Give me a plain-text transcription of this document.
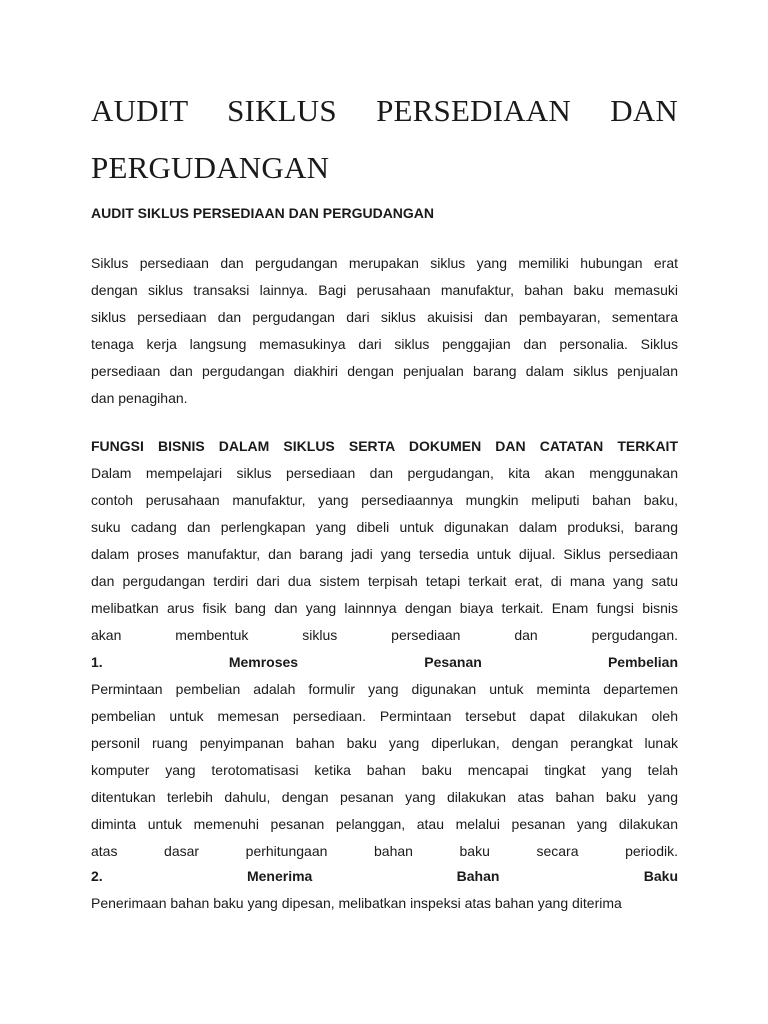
AUDIT SIKLUS PERSEDIAAN DAN PERGUDANGAN
AUDIT SIKLUS PERSEDIAAN DAN PERGUDANGAN
Siklus persediaan dan pergudangan merupakan siklus yang memiliki hubungan erat
dengan siklus transaksi lainnya. Bagi perusahaan manufaktur, bahan baku memasuki
siklus persediaan dan pergudangan dari siklus akuisisi dan pembayaran, sementara
tenaga kerja langsung memasukinya dari siklus penggajian dan personalia. Siklus
persediaan dan pergudangan diakhiri dengan penjualan barang dalam siklus penjualan
dan penagihan.
FUNGSI BISNIS DALAM SIKLUS SERTA DOKUMEN DAN CATATAN TERKAIT
Dalam mempelajari siklus persediaan dan pergudangan, kita akan menggunakan
contoh perusahaan manufaktur, yang persediaannya mungkin meliputi bahan baku,
suku cadang dan perlengkapan yang dibeli untuk digunakan dalam produksi, barang
dalam proses manufaktur, dan barang jadi yang tersedia untuk dijual. Siklus persediaan
dan pergudangan terdiri dari dua sistem terpisah tetapi terkait erat, di mana yang satu
melibatkan arus fisik bang dan yang lainnnya dengan biaya terkait. Enam fungsi bisnis
akan membentuk siklus persediaan dan pergudangan.
1. Memroses Pesanan Pembelian
Permintaan pembelian adalah formulir yang digunakan untuk meminta departemen
pembelian untuk memesan persediaan. Permintaan tersebut dapat dilakukan oleh
personil ruang penyimpanan bahan baku yang diperlukan, dengan perangkat lunak
komputer yang terotomatisasi ketika bahan baku mencapai tingkat yang telah
ditentukan terlebih dahulu, dengan pesanan yang dilakukan atas bahan baku yang
diminta untuk memenuhi pesanan pelanggan, atau melalui pesanan yang dilakukan
atas dasar perhitungaan bahan baku secara periodik.
2. Menerima Bahan Baku
Penerimaan bahan baku yang dipesan, melibatkan inspeksi atas bahan yang diterima
